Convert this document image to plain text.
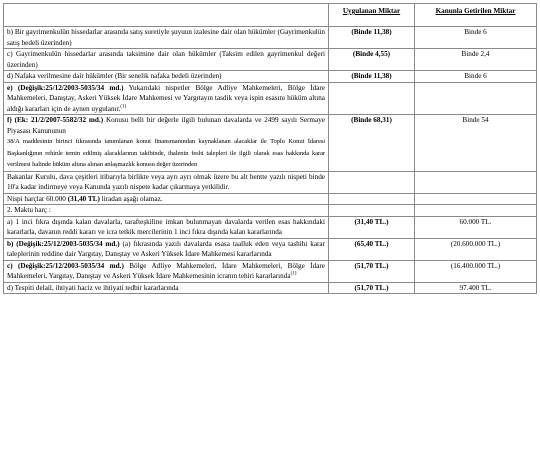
	Uygulanan Miktar	Kanunla Getirilen Miktar
b) Bir gayrimenkulün hissedarlar arasında satış suretiyle şuyuun izalesine dair olan hükümler (Gayrimenkulün satış bedeli üzerinden)	(Binde 11,38)	Binde 6
c) Gayrimenkulün hissedarlar arasında taksimine dair olan hükümler (Taksim edilen gayrimenkul değeri üzerinden)	(Binde 4,55)	Binde 2,4
d) Nafaka verilmesine dair hükümler (Bir senelik nafaka bedeli üzerinden)	(Binde 11,38)	Binde 6
e) (Değişik:25/12/2003-5035/34 md.) Yukarıdaki nispetler Bölge Adliye Mahkemeleri, Bölge İdare Mahkemeleri, Danıştay, Askeri Yüksek İdare Mahkemesi ve Yargıtayın tasdik veya ispin esasını hüküm altına aldığı kararları için de aynen uygulanır.$^{(1)}$		
f) (Ek: 21/2/2007-5582/32 md.) Konusu belli bir değerle ilgili bulunan davalarda ve 2499 sayılı Sermaye Piyasası Kanununun
38/A maddesinin birinci fıkrasında tanımlanan konut finansmanından kaynaklanan alacaklar ile Toplu Konut İdaresi Başkanlığının rehinle temin edilmiş alacaklarının takibinde, ihalenin feshi talepleri ile ilgili olarak esas hakkında karar verilmesi halinde hüküm altına alınan anlaşmazlık konusu değer üzerinden	(Binde 68,31)	Binde 54
Bakanlar Kurulu, dava çeşitleri itibarıyla birlikte veya ayrı ayrı olmak üzere bu alt bentte yazılı nispeti binde 10'a kadar indirmeye veya Kanunda yazılı nispete kadar çıkarmaya yetkilidir.		
Nispi harçlar 60.000 (31,40 TL) liradan aşağı olamaz.		
2. Maktu harç :		
a) 1 inci fıkra dışında kalan davalarla, tarafteşkiline imkan bulunmayan davalarda verilen esas hakkındaki kararlarla, davanın reddi kararı ve icra tetkik mercilerinin 1 inci fıkra dışında kalan kararlarında	(31,40 TL.)	60.000 TL.
b) (Değişik:25/12/2003-5035/34 md.) (a) fıkrasında yazılı davalarda esasa taalluk eden veya tashihi karar taleplerinin reddine dair Yargıtay, Danıştay ve Askeri Yüksek İdare Mahkemesi kararlarında	(65,40 TL.)	(20.600.000 TL.)
c) (Değişik:25/12/2003-5035/34 md.) Bölge Adliye Mahkemeleri, İdare Mahkemeleri, Bölge İdare Mahkemeleri, Yargıtay, Danıştay ve Askeri Yüksek İdare Mahkemesinin icranın tehiri kararlarında$^{(1)}$	(51,70 TL.)	(16.400.000 TL.)
d) Tespiti delail, ihtiyati haciz ve ihtiyati tedbir kararlarında	(51,70 TL.)	97.400 TL.
